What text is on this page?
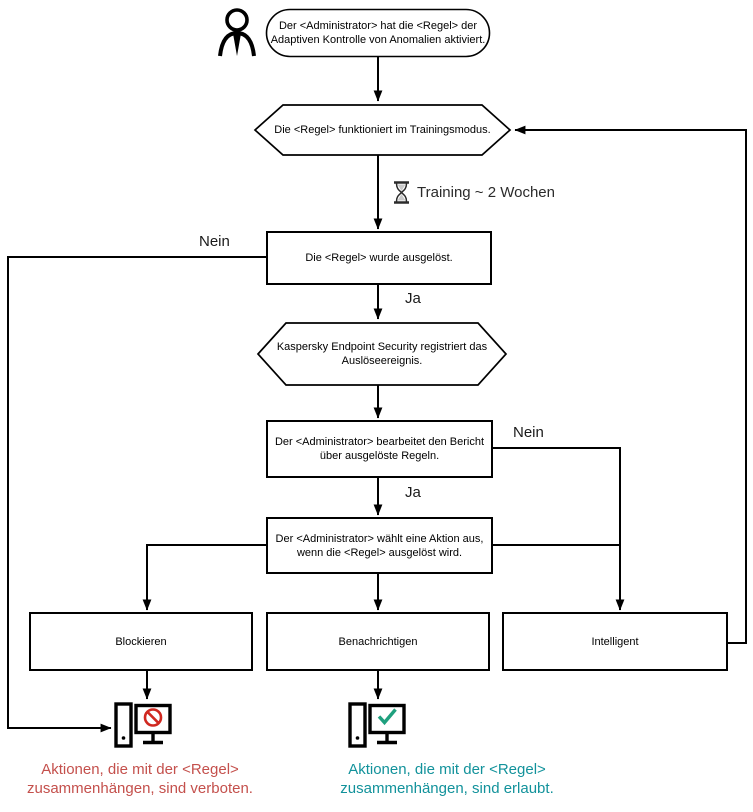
Der <Administrator> hat die <Regel> der
Adaptiven Kontrolle von Anomalien aktiviert.
Die <Regel> funktioniert im Trainingsmodus.
Training ~ 2 Wochen
Die <Regel> wurde ausgelöst.
Kaspersky Endpoint Security registriert das
Auslöseereignis.
Der <Administrator> bearbeitet den Bericht
über ausgelöste Regeln.
Der <Administrator> wählt eine Aktion aus,
wenn die <Regel> ausgelöst wird.
Blockieren	Benachrichtigen	Intelligent
Nein
Ja
Nein
Ja
Aktionen, die mit der <Regel>
zusammenhängen, sind verboten.
Aktionen, die mit der <Regel>
zusammenhängen, sind erlaubt.
